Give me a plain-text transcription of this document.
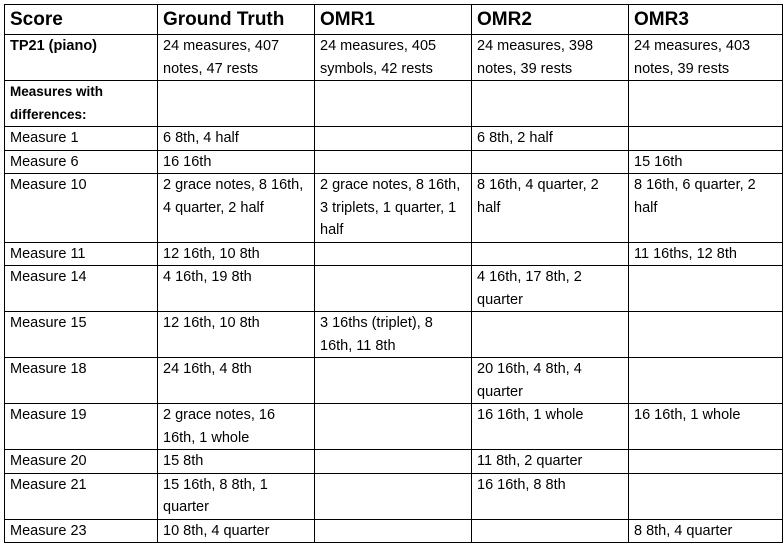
Score	Ground Truth	OMR1	OMR2	OMR3
TP21 (piano)	24 measures, 407 notes, 47 rests	24 measures, 405 symbols, 42 rests	24 measures, 398 notes, 39 rests	24 measures, 403 notes, 39 rests
Measures with differences:				
Measure 1	6 8th, 4 half		6 8th, 2 half	
Measure 6	16 16th			15 16th
Measure 10	2 grace notes, 8 16th, 4 quarter, 2 half	2 grace notes, 8 16th, 3 triplets, 1 quarter, 1 half	8 16th, 4 quarter, 2 half	8 16th, 6 quarter, 2 half
Measure 11	12 16th, 10 8th			11 16ths, 12 8th
Measure 14	4 16th, 19 8th		4 16th, 17 8th, 2 quarter	
Measure 15	12 16th, 10 8th	3 16ths (triplet), 8 16th, 11 8th		
Measure 18	24 16th, 4 8th		20 16th, 4 8th, 4 quarter	
Measure 19	2 grace notes, 16 16th, 1 whole		16 16th, 1 whole	16 16th, 1 whole
Measure 20	15 8th		11 8th, 2 quarter	
Measure 21	15 16th, 8 8th, 1 quarter		16 16th, 8 8th	
Measure 23	10 8th, 4 quarter			8 8th, 4 quarter
